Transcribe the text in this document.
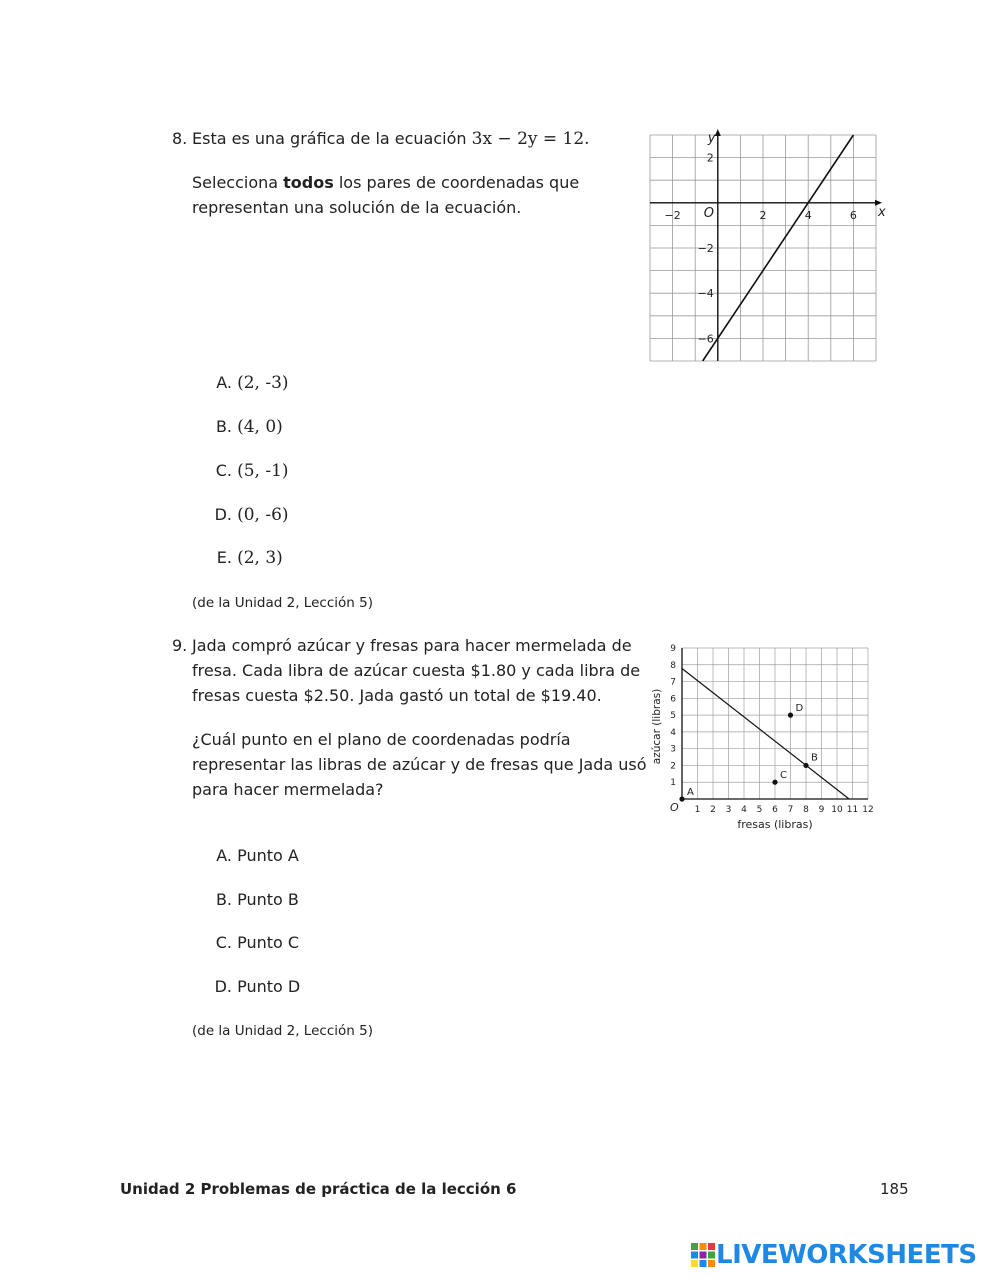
8. Esta es una gráfica de la ecuación 3x − 2y = 12.
Selecciona todos los pares de coordenadas que
representan una solución de la ecuación.	−2	2	4	6
2
−2
−4
−6
O	x
y
A. (2, -3)
B. (4, 0)
C. (5, -1)
D. (0, -6)
E. (2, 3)
(de la Unidad 2, Lección 5)
9. Jada compró azúcar y fresas para hacer mermelada de
fresa. Cada libra de azúcar cuesta $1.80 y cada libra de
fresas cuesta $2.50. Jada gastó un total de $19.40.
¿Cuál punto en el plano de coordenadas podría
representar las libras de azúcar y de fresas que Jada usó
para hacer mermelada?
1 2 3 4 5 6 7 8 9 10 11 12
1
2
3
4
5
6
7
8
9
O
fresas (libras)
azúcar (libras)
A
B
C
D
A. Punto A
B. Punto B
C. Punto C
D. Punto D
(de la Unidad 2, Lección 5)
Unidad 2 Problemas de práctica de la lección 6	185
LIVEWORKSHEETS
